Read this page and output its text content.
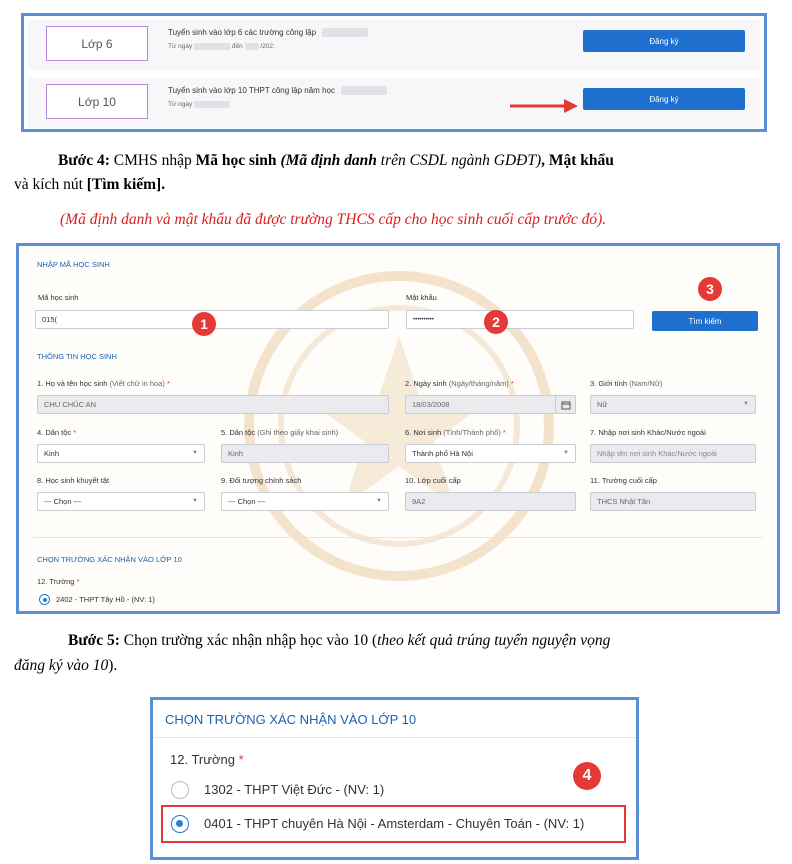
Lớp 6
Tuyển sinh vào lớp 6 các trường công lập
Từ ngày	đến	/202:
Đăng ký
Lớp 10
Tuyển sinh vào lớp 10 THPT công lập năm học
Từ ngày
Đăng ký
Bước 4: CMHS nhập Mã học sinh (Mã định danh trên CSDL ngành GDĐT), Mật khẩu
và kích nút [Tìm kiếm].
(Mã định danh và mật khẩu đã được trường THCS cấp cho học sinh cuối cấp trước đó).
NHẬP MÃ HỌC SINH
Mã học sinh
015(
Mật khẩu
••••••••••	Tìm kiếm
1	2
3
THÔNG TIN HỌC SINH
1. Họ và tên học sinh (Viết chữ in hoa) *
CHU CHÚC AN
2. Ngày sinh (Ngày/tháng/năm) *
18/03/2008
3. Giới tính (Nam/Nữ)
Nữ	▼
4. Dân tộc *
Kinh	▼
5. Dân tộc (Ghi theo giấy khai sinh)
Kinh
6. Nơi sinh (Tỉnh/Thành phố) *
Thành phố Hà Nội	▼
7. Nhập nơi sinh Khác/Nước ngoài
Nhập tên nơi sinh Khác/Nước ngoài
8. Học sinh khuyết tật
--- Chọn ---	▼
9. Đối tượng chính sách
--- Chọn ---	▼
10. Lớp cuối cấp
9A2
11. Trường cuối cấp
THCS Nhật Tân
CHỌN TRƯỜNG XÁC NHẬN VÀO LỚP 10
12. Trường *
2402 - THPT Tây Hồ - (NV: 1)
Bước 5: Chọn trường xác nhận nhập học vào 10 (theo kết quả trúng tuyển nguyện vọng
đăng ký vào 10).
CHỌN TRƯỜNG XÁC NHẬN VÀO LỚP 10
12. Trường *
1302 - THPT Việt Đức - (NV: 1)
0401 - THPT chuyên Hà Nội - Amsterdam - Chuyên Toán - (NV: 1)
4
